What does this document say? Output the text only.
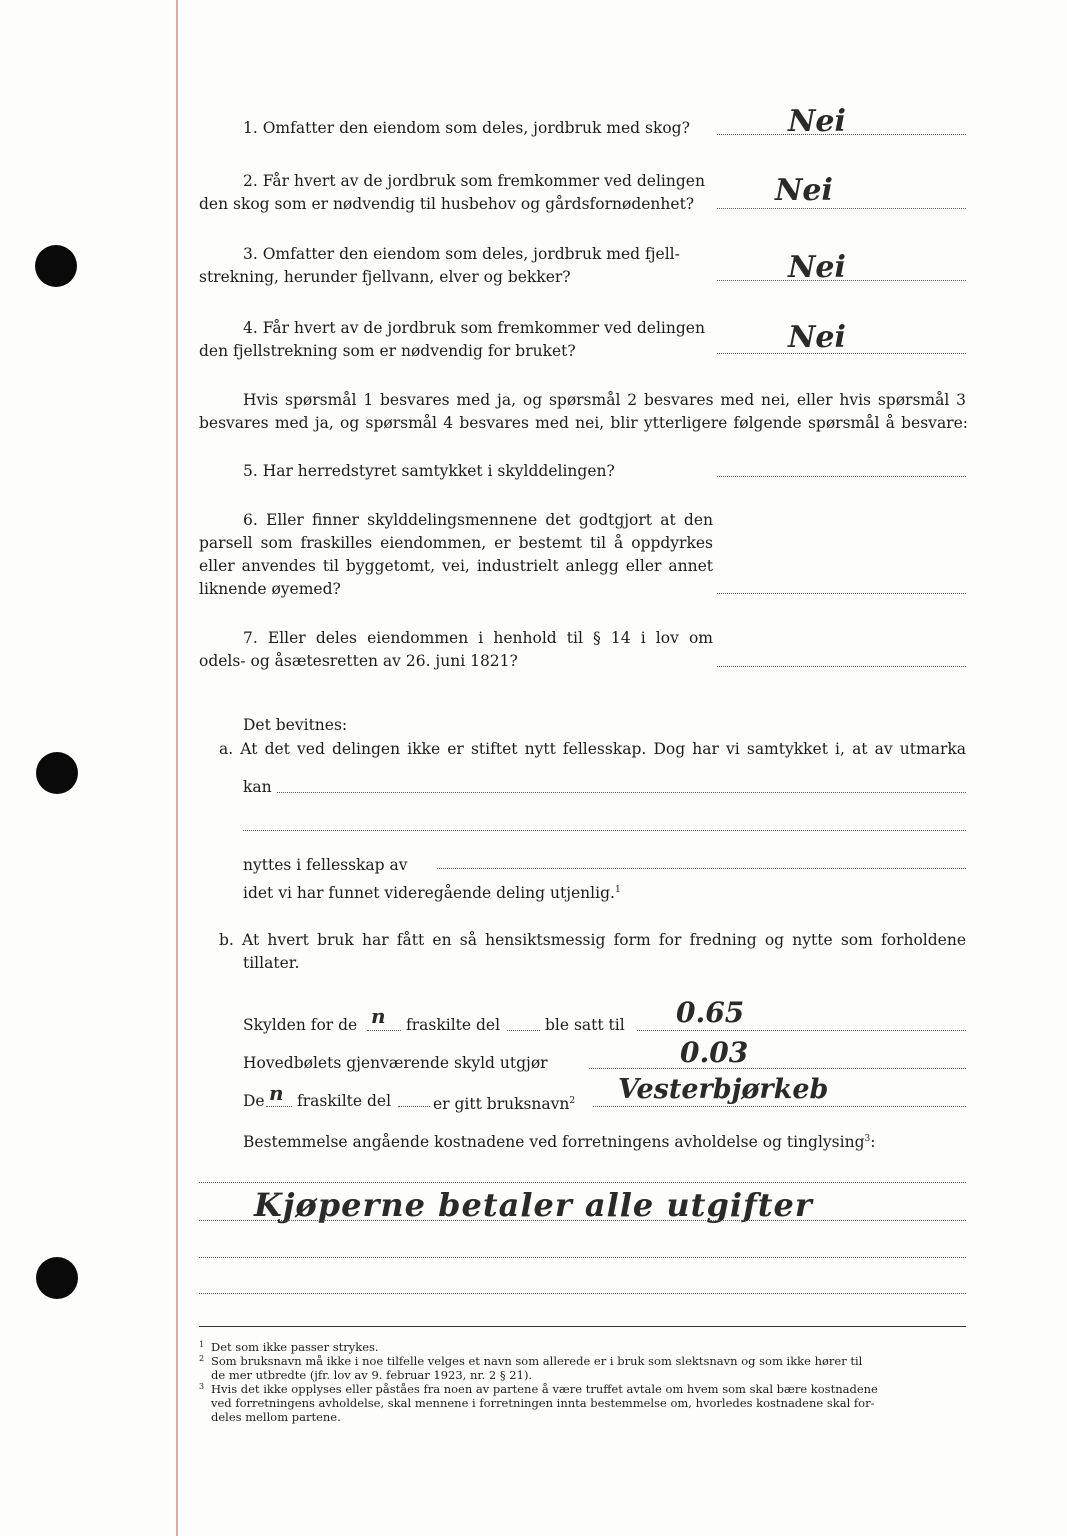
1. Omfatter den eiendom som deles, jordbruk med skog?	Nei
2. Får hvert av de jordbruk som fremkommer ved delingen
den skog som er nødvendig til husbehov og gårdsfornødenhet?	Nei
3. Omfatter den eiendom som deles, jordbruk med fjell-
strekning, herunder fjellvann, elver og bekker?	Nei
4. Får hvert av de jordbruk som fremkommer ved delingen
den fjellstrekning som er nødvendig for bruket?	Nei
Hvis spørsmål 1 besvares med ja, og spørsmål 2 besvares med nei, eller hvis spørsmål 3
besvares med ja, og spørsmål 4 besvares med nei, blir ytterligere følgende spørsmål å besvare:
5. Har herredstyret samtykket i skylddelingen?
6. Eller finner skylddelingsmennene det godtgjort at den
parsell som fraskilles eiendommen, er bestemt til å oppdyrkes
eller anvendes til byggetomt, vei, industrielt anlegg eller annet
liknende øyemed?
7. Eller deles eiendommen i henhold til § 14 i lov om
odels- og åsætesretten av 26. juni 1821?
Det bevitnes:
a. At det ved delingen ikke er stiftet nytt fellesskap. Dog har vi samtykket i, at av utmarka
kan
nyttes i fellesskap av
idet vi har funnet videregående deling utjenlig.$^1$
b. At hvert bruk har fått en så hensiktsmessig form for fredning og nytte som forholdene
tillater.
Skylden for de n fraskilte del	ble satt til 0.65
Hovedbølets gjenværende skyld utgjør	0.03
De n fraskilte del	er gitt bruksnavn$^2$ Vesterbjørkeb
Bestemmelse angående kostnadene ved forretningens avholdelse og tinglysing$^3$:
Kjøperne betaler alle utgifter
1 Det som ikke passer strykes.
2 Som bruksnavn må ikke i noe tilfelle velges et navn som allerede er i bruk som slektsnavn og som ikke hører til
de mer utbredte (jfr. lov av 9. februar 1923, nr. 2 § 21).
3 Hvis det ikke opplyses eller påståes fra noen av partene å være truffet avtale om hvem som skal bære kostnadene
ved forretningens avholdelse, skal mennene i forretningen innta bestemmelse om, hvorledes kostnadene skal for-
deles mellom partene.
